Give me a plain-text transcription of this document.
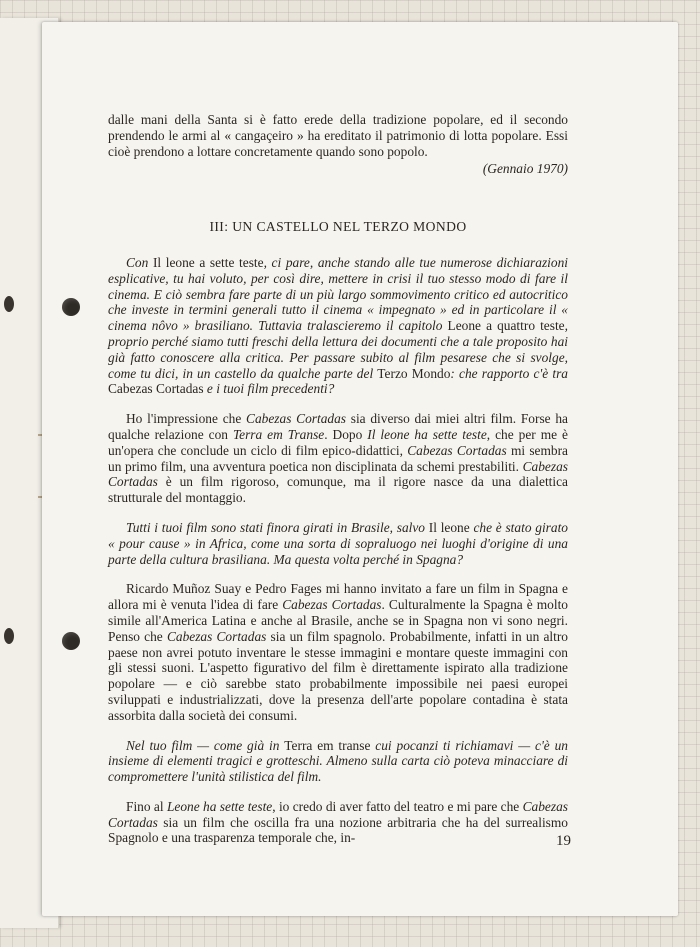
dalle mani della Santa si è fatto erede della tradizione popolare, ed il secondo prendendo le armi al « cangaçeiro » ha ereditato il patrimonio di lotta popolare. Essi cioè prendono a lottare concretamente quando sono popolo.

(Gennaio 1970)

III: UN CASTELLO NEL TERZO MONDO

Con Il leone a sette teste, ci pare, anche stando alle tue numerose dichiarazioni esplicative, tu hai voluto, per così dire, mettere in crisi il tuo stesso modo di fare il cinema. E ciò sembra fare parte di un più largo sommovimento critico ed autocritico che investe in termini generali tutto il cinema « impegnato » ed in particolare il « cinema nôvo » brasiliano. Tuttavia tralascieremo il capitolo Leone a quattro teste, proprio perché siamo tutti freschi della lettura dei documenti che a tale proposito hai già fatto conoscere alla critica. Per passare subito al film pesarese che si svolge, come tu dici, in un castello da qualche parte del Terzo Mondo: che rapporto c'è tra Cabezas Cortadas e i tuoi film precedenti?

Ho l'impressione che Cabezas Cortadas sia diverso dai miei altri film. Forse ha qualche relazione con Terra em Transe. Dopo Il leone ha sette teste, che per me è un'opera che conclude un ciclo di film epico-didattici, Cabezas Cortadas mi sembra un primo film, una avventura poetica non disciplinata da schemi prestabiliti. Cabezas Cortadas è un film rigoroso, comunque, ma il rigore nasce da una dialettica strutturale del montaggio.

Tutti i tuoi film sono stati finora girati in Brasile, salvo Il leone che è stato girato « pour cause » in Africa, come una sorta di sopraluogo nei luoghi d'origine di una parte della cultura brasiliana. Ma questa volta perché in Spagna?

Ricardo Muñoz Suay e Pedro Fages mi hanno invitato a fare un film in Spagna e allora mi è venuta l'idea di fare Cabezas Cortadas. Culturalmente la Spagna è molto simile all'America Latina e anche al Brasile, anche se in Spagna non vi sono negri. Penso che Cabezas Cortadas sia un film spagnolo. Probabilmente, infatti in un altro paese non avrei potuto inventare le stesse immagini e montare queste immagini con gli stessi suoni. L'aspetto figurativo del film è direttamente ispirato alla tradizione popolare — e ciò sarebbe stato probabilmente impossibile nei paesi europei sviluppati e industrializzati, dove la presenza dell'arte popolare contadina è stata assorbita dalla società dei consumi.

Nel tuo film — come già in Terra em transe cui pocanzi ti richiamavi — c'è un insieme di elementi tragici e grotteschi. Almeno sulla carta ciò poteva minacciare di compromettere l'unità stilistica del film.

Fino al Leone ha sette teste, io credo di aver fatto del teatro e mi pare che Cabezas Cortadas sia un film che oscilla fra una nozione arbitraria che ha del surrealismo Spagnolo e una trasparenza temporale che, in-	19
